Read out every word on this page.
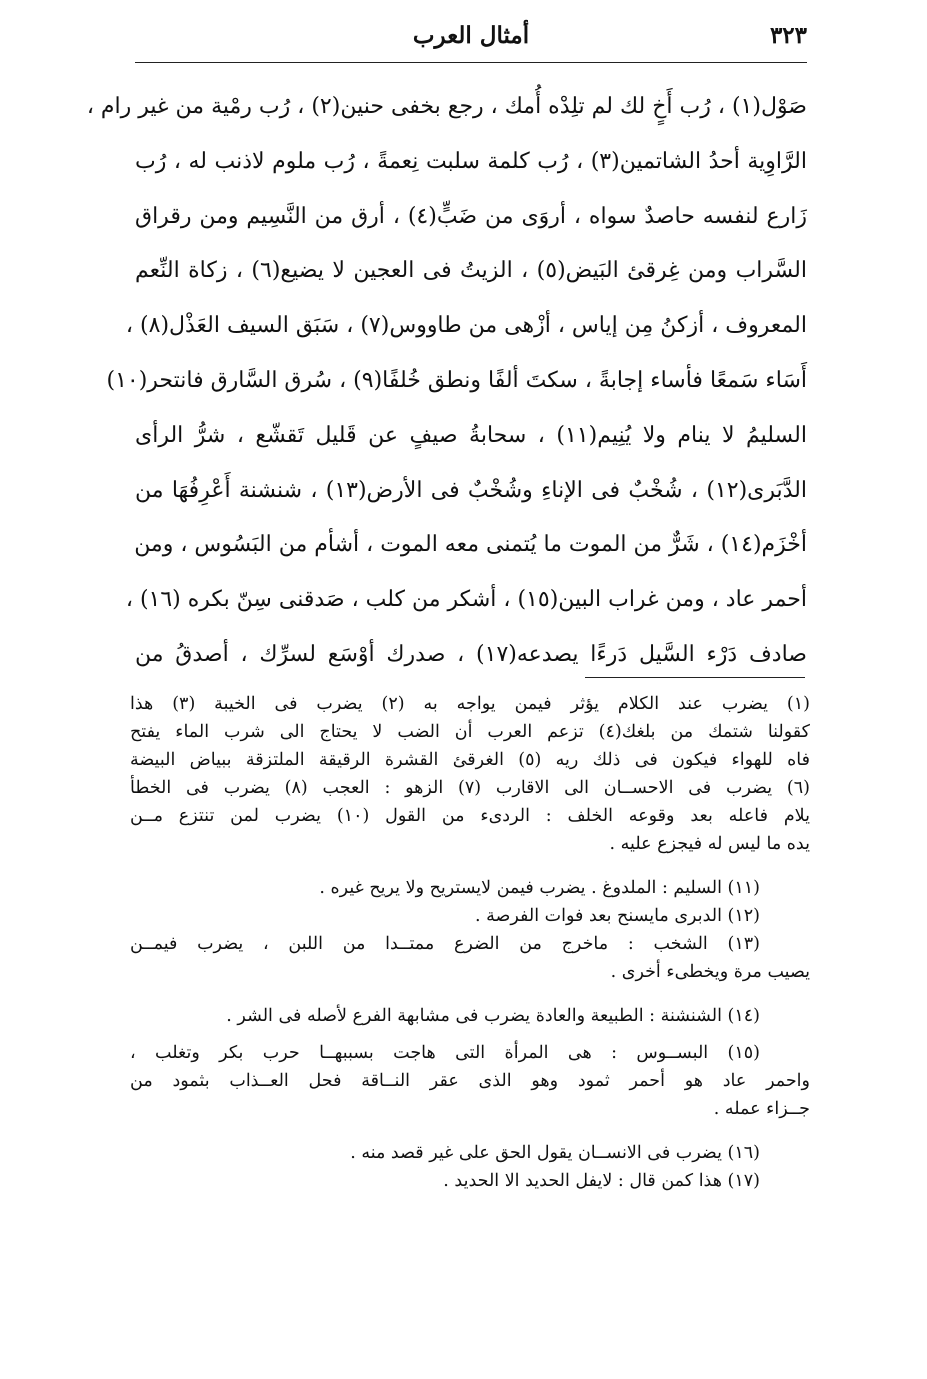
أمثال العرب	٣٢٣
صَوْل(١) ، رُب أَخٍ لك لم تلِدْه أُمك ، رجع بخفى حنين(٢) ، رُب رمْية من غير رام ،
الرَّاوِية أحدُ الشاتمين(٣) ، رُب كلمة سلبت نِعمةً ، رُب ملوم لاذنب له ، رُب
زَارع لنفسه حاصدٌ سواه ، أروَى من ضَبٍّ(٤) ، أرق من النَّسِيم ومن رقراق
السَّراب ومن غِرقئ البَيض(٥) ، الزيتُ فى العجين لا يضيع(٦) ، زكاة النِّعم
المعروف ، أزكنُ مِن إياس ، أزْهى من طاووس(٧) ، سَبَق السيف العَذْل(٨) ،
أَسَاء سَمعًا فأساء إجابةً ، سكتَ ألفًا ونطق خُلفًا(٩) ، سُرق السَّارق فانتحر(١٠)
السليمُ لا ينام ولا يُنِيم(١١) ، سحابةُ صيفٍ عن قَليل تَقشّع ، شرُّ الرأى
الدَّبَرى(١٢) ، شُخْبٌ فى الإناءِ وشُخْبٌ فى الأرض(١٣) ، شنشنة أَعْرِفُهَا من
أخْزَم(١٤) ، شَرٌّ من الموت ما يُتمنى معه الموت ، أشأم من البَسُوس ، ومن
أحمر عاد ، ومن غراب البين(١٥) ، أشكر من كلب ، صَدقنى سِنّ بكره (١٦) ،
صادف دَرْء السَّيل دَرءًا يصدعه(١٧) ، صدرك أوْسَع لسرِّك ، أصدقُ من
(١) يضرب عند الكلام يؤثر فيمن يواجه به (٢) يضرب فى الخيبة (٣) هذا
كقولنا شتمك من بلغك(٤) تزعم العرب أن الضب لا يحتاج الى شرب الماء يفتح
فاه للهواء فيكون فى ذلك ريه (٥) الغرقئ القشرة الرقيقة الملتزقة ببياض البيضة
(٦) يضرب فى الاحســان الى الاقارب (٧) الزهو : العجب (٨) يضرب فى الخطأ
يلام فاعله بعد وقوعه الخلف : الردىء من القول (١٠) يضرب لمن تنتزع مــن
يده ما ليس له فيجزع عليه .
(١١) السليم : الملدوغ . يضرب فيمن لايستريح ولا يريح غيره .
(١٢) الدبرى مايسنح بعد فوات الفرصة .
(١٣) الشخب : ماخرج من الضرع ممتــدا من اللبن ، يضرب فيمــن
يصيب مرة ويخطىء أخرى .
(١٤) الشنشنة : الطبيعة والعادة يضرب فى مشابهة الفرع لأصله فى الشر .
(١٥) البســوس : هى المرأة التى هاجت بسببهــا حرب بكر وتغلب ،
واحمر عاد هو أحمر ثمود وهو الذى عقر النــاقة فحل العــذاب بثمود من
جــزاء عمله .
(١٦) يضرب فى الانســان يقول الحق على غير قصد منه .
(١٧) هذا كمن قال : لايفل الحديد الا الحديد .
